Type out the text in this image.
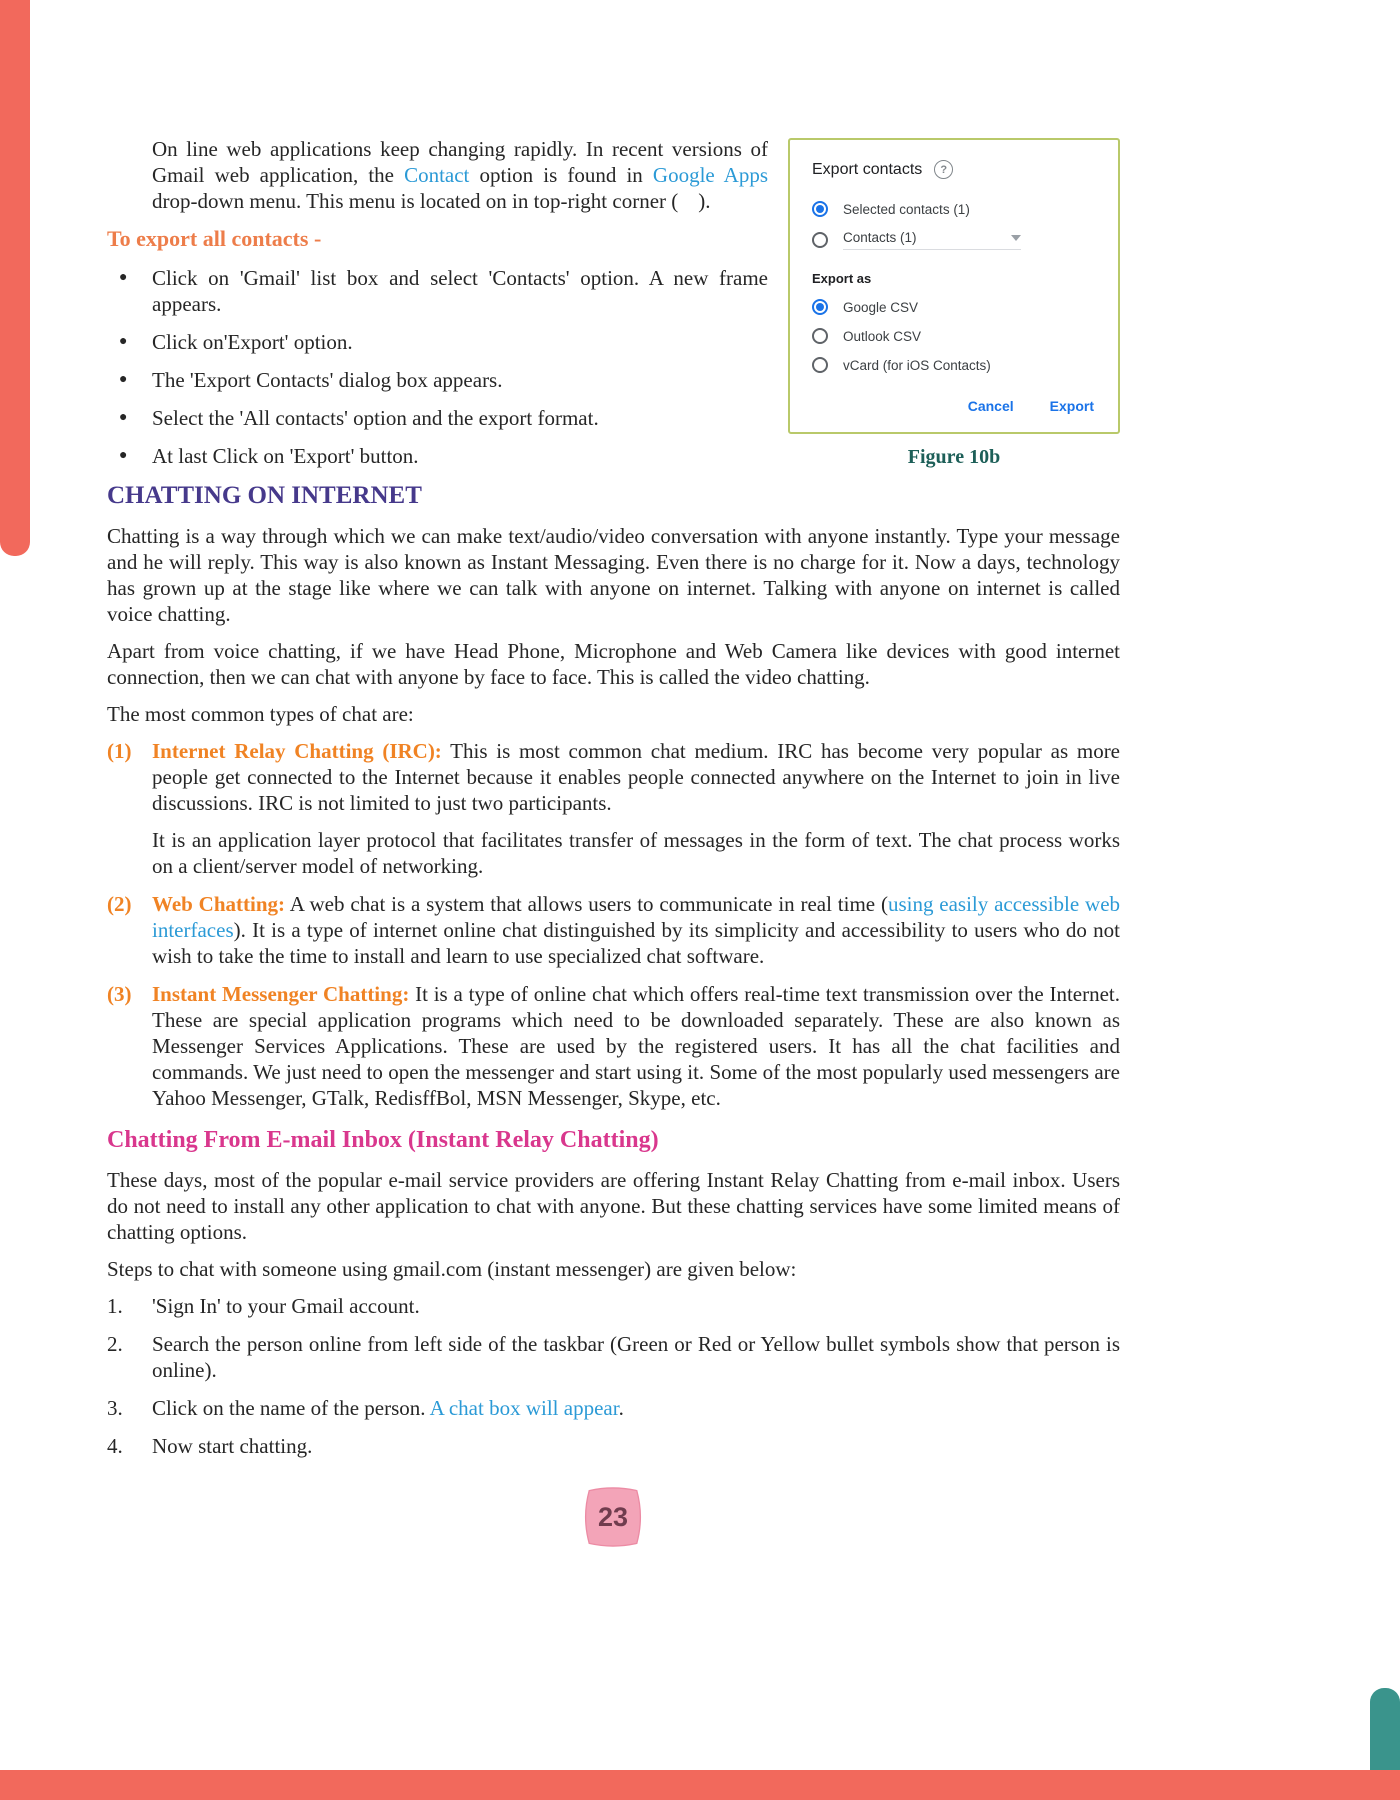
Export contacts	?
Selected contacts (1)
Contacts (1)
Export as
Google CSV
Outlook CSV
vCard (for iOS Contacts)
Cancel	Export
Figure 10b

On line web applications keep changing rapidly. In recent versions of Gmail web application, the Contact option is found in Google Apps drop-down menu. This menu is located on in top-right corner ( ).

To export all contacts -
●
Click on 'Gmail' list box and select 'Contacts' option. A new frame appears.
●
Click on'Export' option.
●
The 'Export Contacts' dialog box appears.
●
Select the 'All contacts' option and the export format.
●
At last Click on 'Export' button.
CHATTING ON INTERNET

Chatting is a way through which we can make text/audio/video conversation with anyone instantly. Type your message and he will reply. This way is also known as Instant Messaging. Even there is no charge for it. Now a days, technology has grown up at the stage like where we can talk with anyone on internet. Talking with anyone on internet is called voice chatting.

Apart from voice chatting, if we have Head Phone, Microphone and Web Camera like devices with good internet connection, then we can chat with anyone by face to face. This is called the video chatting.

The most common types of chat are:

(1) Internet Relay Chatting (IRC): This is most common chat medium. IRC has become very popular as more people get connected to the Internet because it enables people connected anywhere on the Internet to join in live discussions. IRC is not limited to just two participants.
It is an application layer protocol that facilitates transfer of messages in the form of text. The chat process works on a client/server model of networking.
(2) Web Chatting: A web chat is a system that allows users to communicate in real time (using easily accessible web interfaces). It is a type of internet online chat distinguished by its simplicity and accessibility to users who do not wish to take the time to install and learn to use specialized chat software.
(3) Instant Messenger Chatting: It is a type of online chat which offers real-time text transmission over the Internet. These are special application programs which need to be downloaded separately. These are also known as Messenger Services Applications. These are used by the registered users. It has all the chat facilities and commands. We just need to open the messenger and start using it. Some of the most popularly used messengers are Yahoo Messenger, GTalk, RedisffBol, MSN Messenger, Skype, etc.
Chatting From E-mail Inbox (Instant Relay Chatting)

These days, most of the popular e-mail service providers are offering Instant Relay Chatting from e-mail inbox. Users do not need to install any other application to chat with anyone. But these chatting services have some limited means of chatting options.

Steps to chat with someone using gmail.com (instant messenger) are given below:

1.	'Sign In' to your Gmail account.
2.	Search the person online from left side of the taskbar (Green or Red or Yellow bullet symbols show that person is online).
3.	Click on the name of the person. A chat box will appear.
4.	Now start chatting.
23
